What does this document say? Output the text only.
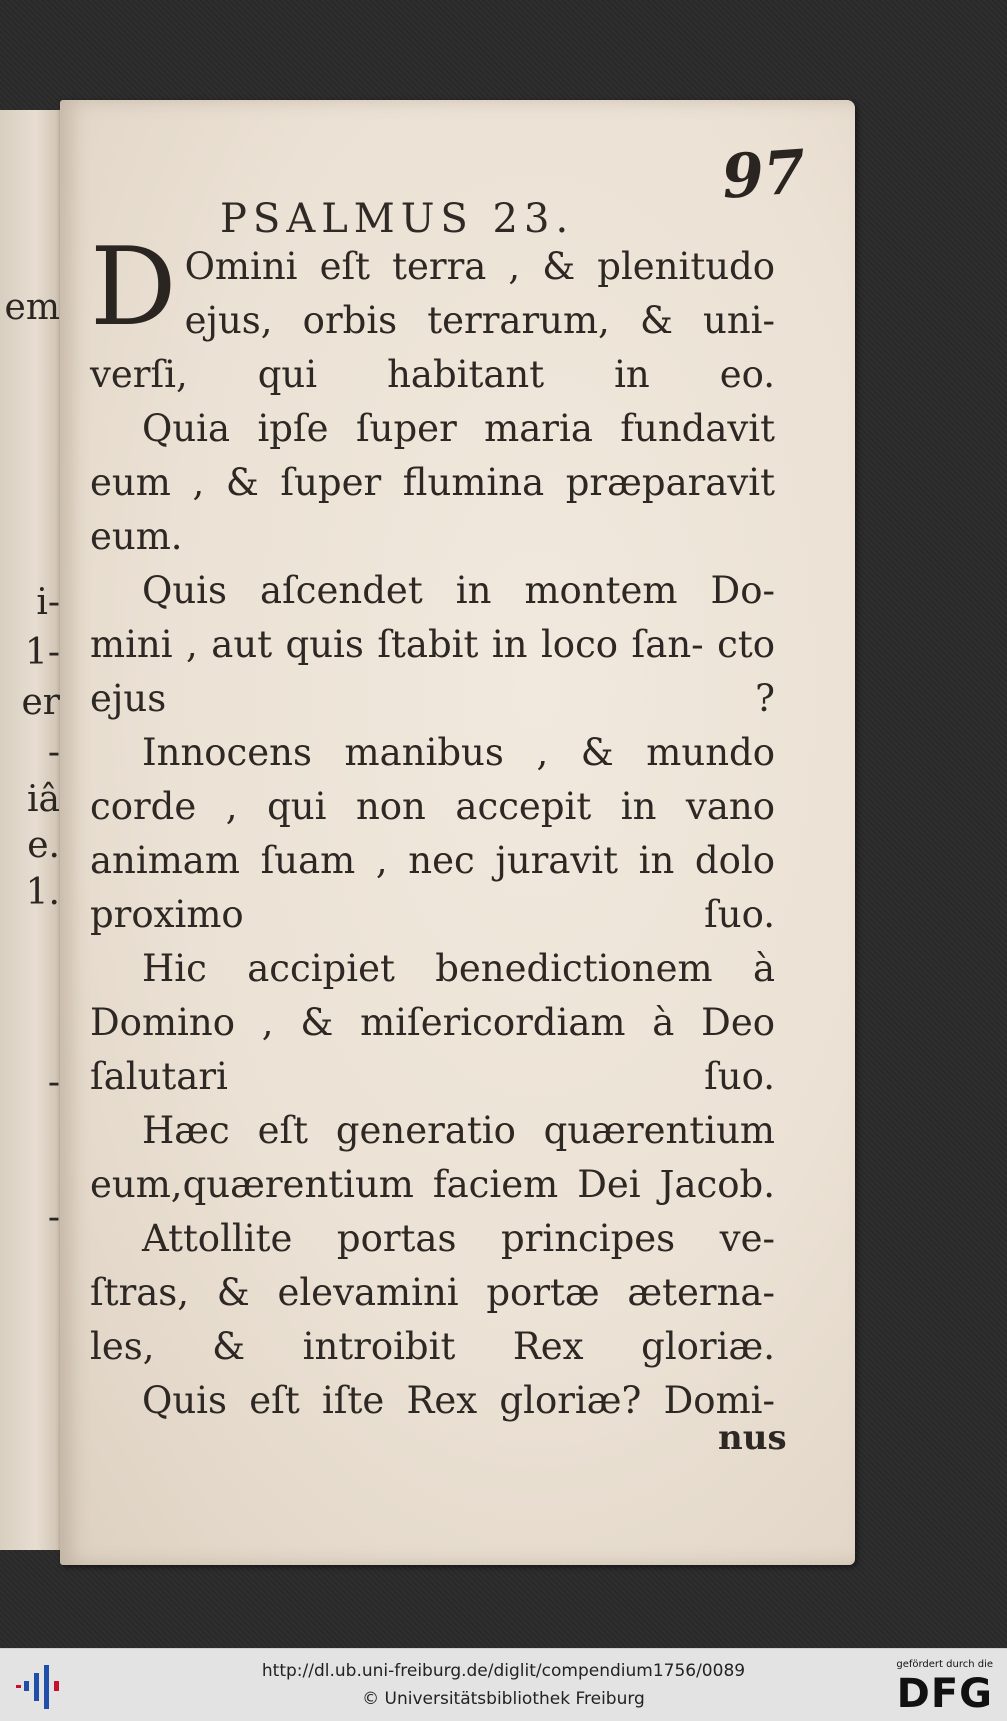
em
i-
1-
er
-
iâ
e.
1.
-
-
97
PSALMUS 23.

D Omini eſt terra , & plenitudo ejus, orbis terrarum, & uni- verſi, qui habitant in eo.

Quia ipſe ſuper maria fundavit eum , & ſuper flumina præparavit eum.

Quis aſcendet in montem Do- mini , aut quis ſtabit in loco ſan- cto ejus ?

Innocens manibus , & mundo corde , qui non accepit in vano animam ſuam , nec juravit in dolo proximo ſuo.

Hic accipiet benedictionem à Domino , & miſericordiam à Deo ſalutari ſuo.

Hæc eſt generatio quærentium eum,quærentium faciem Dei Jacob.

Attollite portas principes ve- ſtras, & elevamini portæ æterna- les, & introibit Rex gloriæ.

Quis eſt iſte Rex gloriæ? Domi-

nus
http://dl.ub.uni-freiburg.de/diglit/compendium1756/0089
© Universitätsbibliothek Freiburg
gefördert durch die
DFG
